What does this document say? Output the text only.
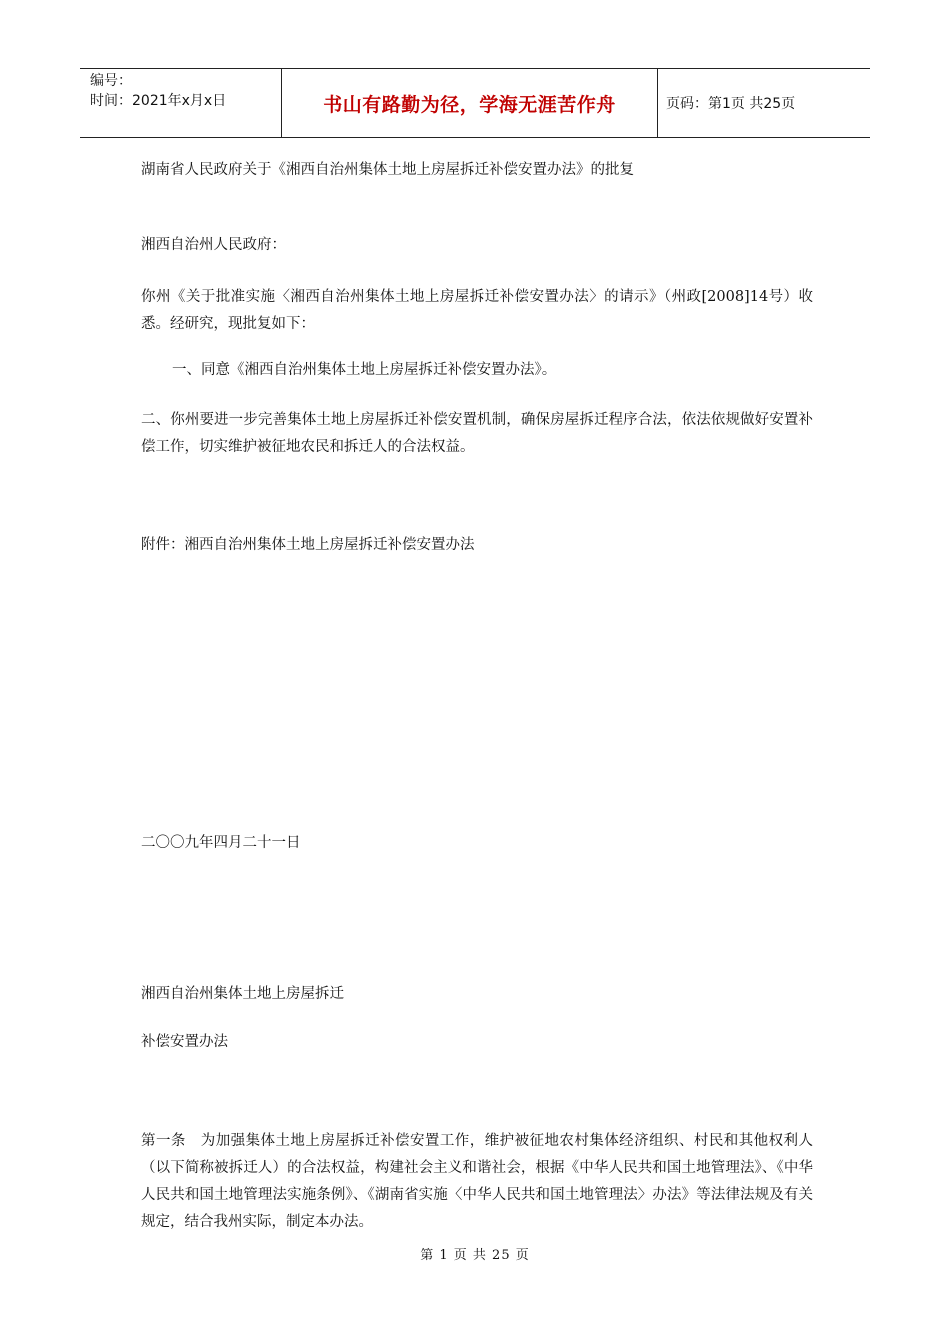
编号：
时间：2021年x月x日	书山有路勤为径，学海无涯苦作舟	页码：第1页 共25页
湖南省人民政府关于《湘西自治州集体土地上房屋拆迁补偿安置办法》的批复
湘西自治州人民政府：
你州《关于批准实施〈湘西自治州集体土地上房屋拆迁补偿安置办法〉的请示》（州政[2008]14号）收悉。经研究，现批复如下：
一、同意《湘西自治州集体土地上房屋拆迁补偿安置办法》。
二、你州要进一步完善集体土地上房屋拆迁补偿安置机制，确保房屋拆迁程序合法，依法依规做好安置补偿工作，切实维护被征地农民和拆迁人的合法权益。
附件：湘西自治州集体土地上房屋拆迁补偿安置办法
二〇〇九年四月二十一日
湘西自治州集体土地上房屋拆迁
补偿安置办法
第一条　为加强集体土地上房屋拆迁补偿安置工作，维护被征地农村集体经济组织、村民和其他权利人（以下简称被拆迁人）的合法权益，构建社会主义和谐社会，根据《中华人民共和国土地管理法》、《中华人民共和国土地管理法实施条例》、《湖南省实施〈中华人民共和国土地管理法〉办法》等法律法规及有关规定，结合我州实际，制定本办法。
第 1 页 共 25 页
